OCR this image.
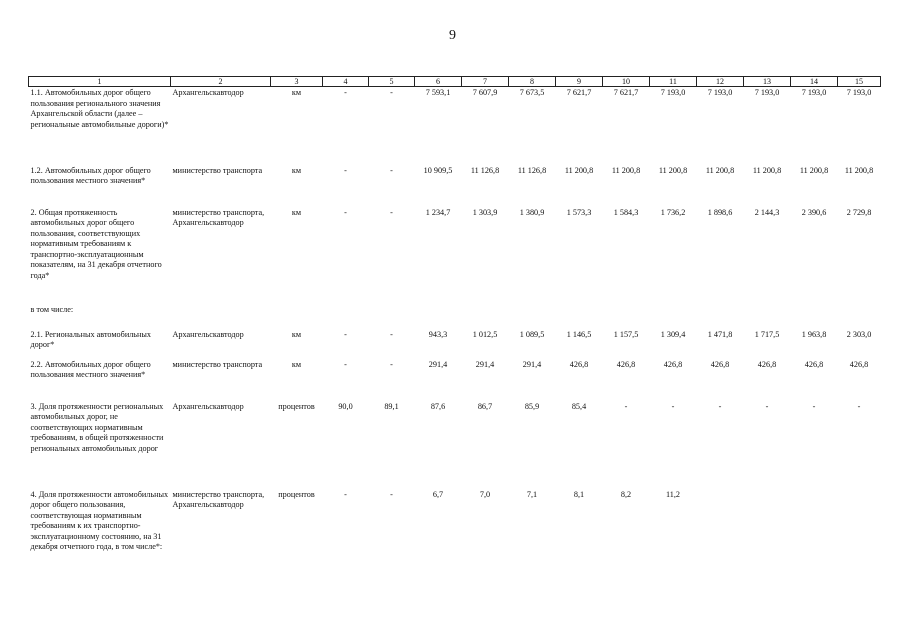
9
1	2	3	4	5	6	7	8	9	10	11	12	13	14	15
1.1. Автомобильных дорог общего пользования регионального значения Архангельской области (далее – региональные автомобильные дороги)*	Архангельскавтодор	км	-	-	7 593,1	7 607,9	7 673,5	7 621,7	7 621,7	7 193,0	7 193,0	7 193,0	7 193,0	7 193,0
1.2. Автомобильных дорог общего пользования местного значения*	министерство транспорта	км	-	-	10 909,5	11 126,8	11 126,8	11 200,8	11 200,8	11 200,8	11 200,8	11 200,8	11 200,8	11 200,8
2. Общая протяженность автомобильных дорог общего пользования, соответствующих нормативным требованиям к транспортно-эксплуатационным показателям, на 31 декабря отчетного года*	министерство транспорта, Архангельскавтодор	км	-	-	1 234,7	1 303,9	1 380,9	1 573,3	1 584,3	1 736,2	1 898,6	2 144,3	2 390,6	2 729,8
в том числе:														
2.1. Региональных автомобильных дорог*	Архангельскавтодор	км	-	-	943,3	1 012,5	1 089,5	1 146,5	1 157,5	1 309,4	1 471,8	1 717,5	1 963,8	2 303,0
2.2. Автомобильных дорог общего пользования местного значения*	министерство транспорта	км	-	-	291,4	291,4	291,4	426,8	426,8	426,8	426,8	426,8	426,8	426,8
3. Доля протяженности региональных автомобильных дорог, не соответствующих нормативным требованиям, в общей протяженности региональных автомобильных дорог	Архангельскавтодор	процентов	90,0	89,1	87,6	86,7	85,9	85,4	-	-	-	-	-	-
4. Доля протяженности автомобильных дорог общего пользования, соответствующая нормативным требованиям к их транспортно-эксплуатационному состоянию, на 31 декабря отчетного года, в том числе*:	министерство транспорта, Архангельскавтодор	процентов	-	-	6,7	7,0	7,1	8,1	8,2	11,2				
